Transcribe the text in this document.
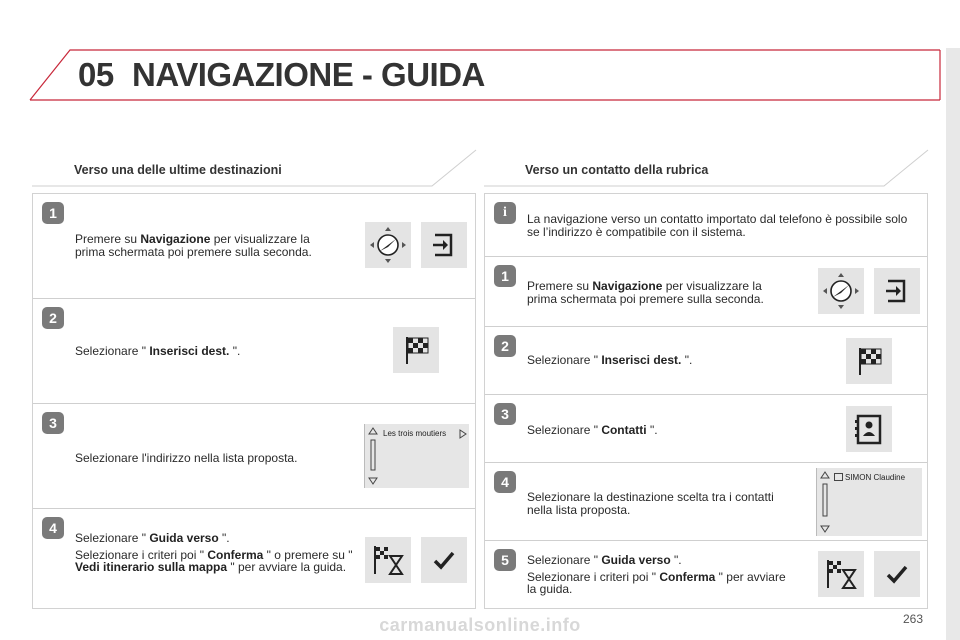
05 NAVIGAZIONE - GUIDA
Verso una delle ultime destinazioni	Verso un contatto della rubrica
1

Premere su Navigazione per visualizzare la prima schermata poi premere sulla seconda.

2

Selezionare " Inserisci dest. ".

3

Selezionare l'indirizzo nella lista proposta.

Les trois moutiers
4

Selezionare " Guida verso ".

Selezionare i criteri poi " Conferma " o premere su " Vedi itinerario sulla mappa " per avviare la guida.

i	La navigazione verso un contatto importato dal telefono è possibile solo se l’indirizzo è compatibile con il sistema.
1

Premere su Navigazione per visualizzare la prima schermata poi premere sulla seconda.

2

Selezionare " Inserisci dest. ".

3

Selezionare " Contatti ".

4

Selezionare la destinazione scelta tra i contatti nella lista proposta.

SIMON Claudine
5	Selezionare " Guida verso ".

Selezionare i criteri poi " Conferma " per avviare la guida.

263
carmanualsonline.info
